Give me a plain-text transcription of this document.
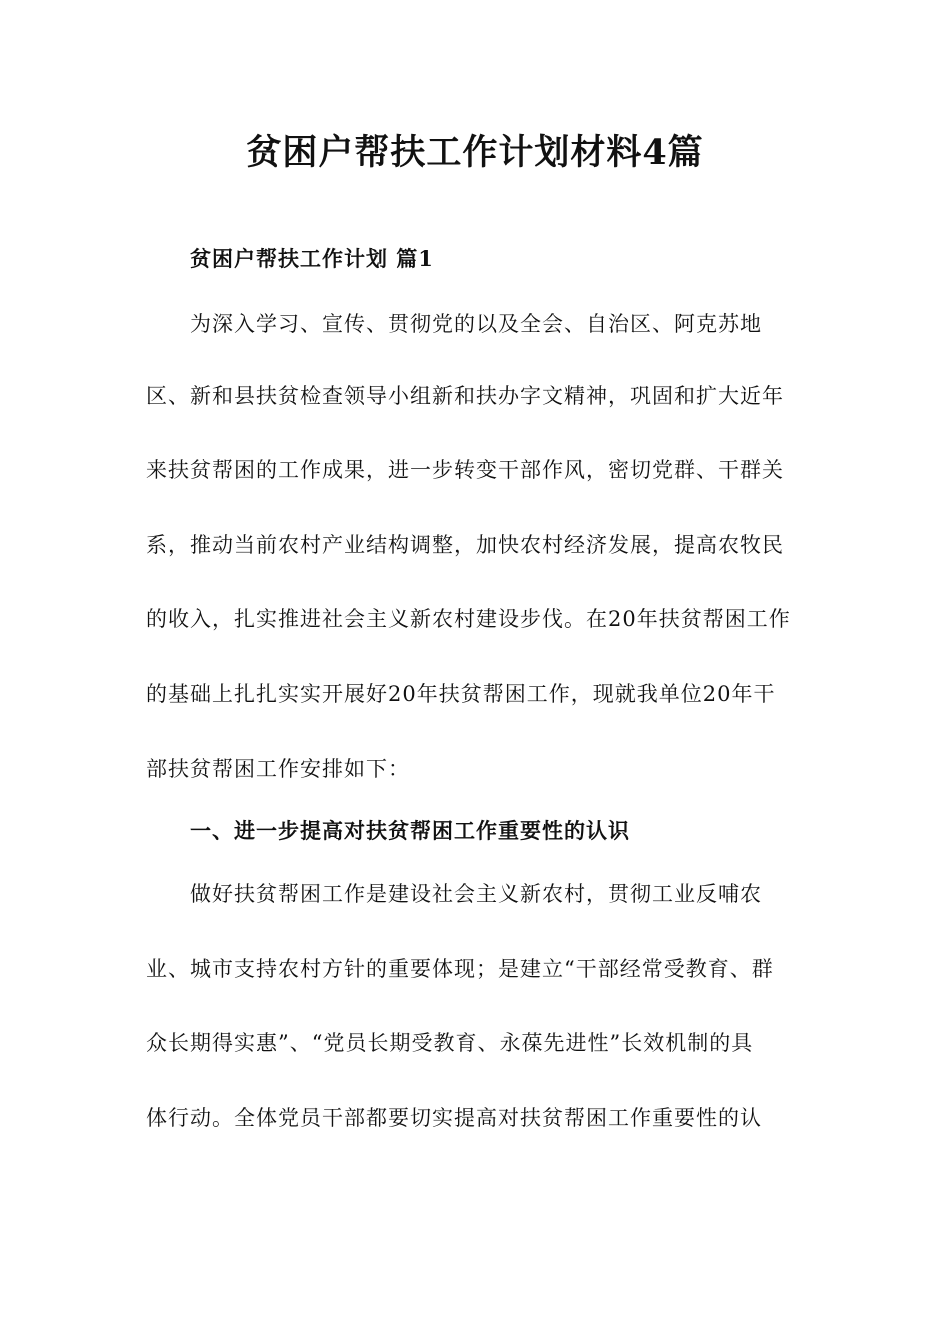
贫困户帮扶工作计划材料4篇
贫困户帮扶工作计划 篇1
为深入学习、宣传、贯彻党的以及全会、自治区、阿克苏地
区、新和县扶贫检查领导小组新和扶办字文精神，巩固和扩大近年
来扶贫帮困的工作成果，进一步转变干部作风，密切党群、干群关
系，推动当前农村产业结构调整，加快农村经济发展，提高农牧民
的收入，扎实推进社会主义新农村建设步伐。在20年扶贫帮困工作
的基础上扎扎实实开展好20年扶贫帮困工作，现就我单位20年干
部扶贫帮困工作安排如下：
一、进一步提高对扶贫帮困工作重要性的认识
做好扶贫帮困工作是建设社会主义新农村，贯彻工业反哺农
业、城市支持农村方针的重要体现；是建立“干部经常受教育、群
众长期得实惠”、“党员长期受教育、永葆先进性”长效机制的具
体行动。全体党员干部都要切实提高对扶贫帮困工作重要性的认
